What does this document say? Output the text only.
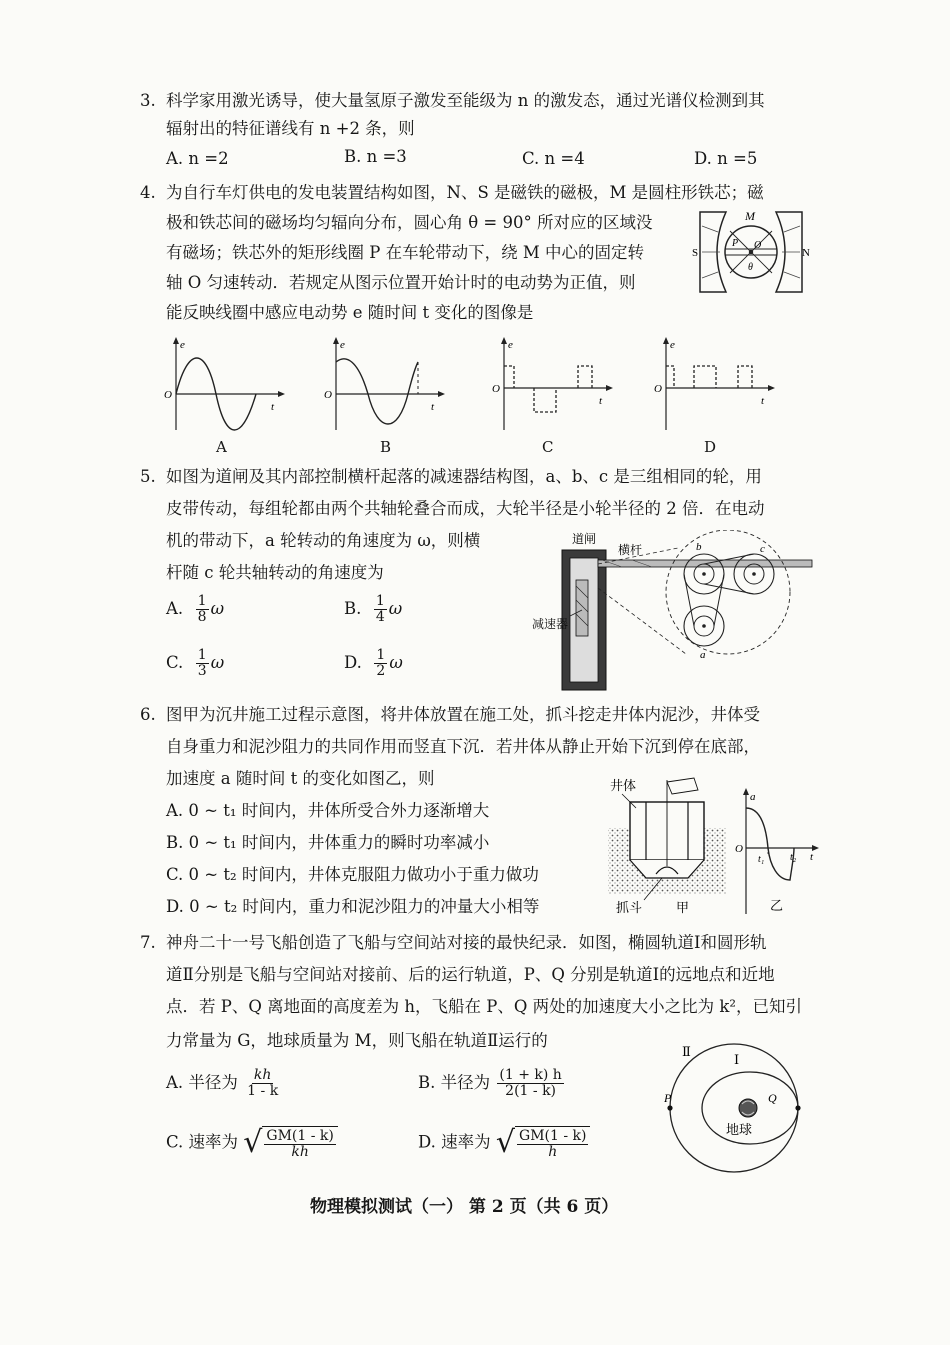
3. 科学家用激光诱导，使大量氢原子激发至能级为 n 的激发态，通过光谱仪检测到其
辐射出的特征谱线有 n +2 条，则
A. n =2	B. n =3	C. n =4	D. n =5
4. 为自行车灯供电的发电装置结构如图，N、S 是磁铁的磁极，M 是圆柱形铁芯；磁
极和铁芯间的磁场均匀辐向分布，圆心角 θ = 90° 所对应的区域没
有磁场；铁芯外的矩形线圈 P 在车轮带动下，绕 M 中心的固定转
轴 O 匀速转动．若规定从图示位置开始计时的电动势为正值，则
能反映线圈中感应电动势 e 随时间 t 变化的图像是
M
S	N
P O
θ
e
O
t
A
e
O
t
B
e
O
t
C
e
O
t
D
5. 如图为道闸及其内部控制横杆起落的减速器结构图，a、b、c 是三组相同的轮，用
皮带传动，每组轮都由两个共轴轮叠合而成，大轮半径是小轮半径的 2 倍．在电动
机的带动下，a 轮转动的角速度为 ω，则横
杆随 c 轮共轴转动的角速度为
A. $\frac{1}{8}$ ω	B. $\frac{1}{4}$ ω
C. $\frac{1}{3}$ ω	D. $\frac{1}{2}$ ω
道闸
横杆
减速器
b	c
a
6. 图甲为沉井施工过程示意图，将井体放置在施工处，抓斗挖走井体内泥沙，井体受
自身重力和泥沙阻力的共同作用而竖直下沉．若井体从静止开始下沉到停在底部，
加速度 a 随时间 t 的变化如图乙，则
A. 0 ~ t₁ 时间内，井体所受合外力逐渐增大
B. 0 ~ t₁ 时间内，井体重力的瞬时功率减小
C. 0 ~ t₂ 时间内，井体克服阻力做功小于重力做功
D. 0 ~ t₂ 时间内，重力和泥沙阻力的冲量大小相等
井体
抓斗	甲
a
O
t₁	t₂ t
乙
7. 神舟二十一号飞船创造了飞船与空间站对接的最快纪录．如图，椭圆轨道Ⅰ和圆形轨
道Ⅱ分别是飞船与空间站对接前、后的运行轨道，P、Q 分别是轨道Ⅰ的远地点和近地
点．若 P、Q 离地面的高度差为 h，飞船在 P、Q 两处的加速度大小之比为 k²，已知引
力常量为 G，地球质量为 M，则飞船在轨道Ⅱ运行的
A. 半径为 $\frac{kh}{1 - k}$	B. 半径为 $\frac{(1 + k) h}{2(1 - k)}$
C. 速率为 √ $\frac{GM(1 - k)}{kh}$	D. 速率为 √ $\frac{GM(1 - k)}{h}$
Ⅱ
Ⅰ
P	Q
地球
物理模拟测试（一） 第 2 页（共 6 页）
